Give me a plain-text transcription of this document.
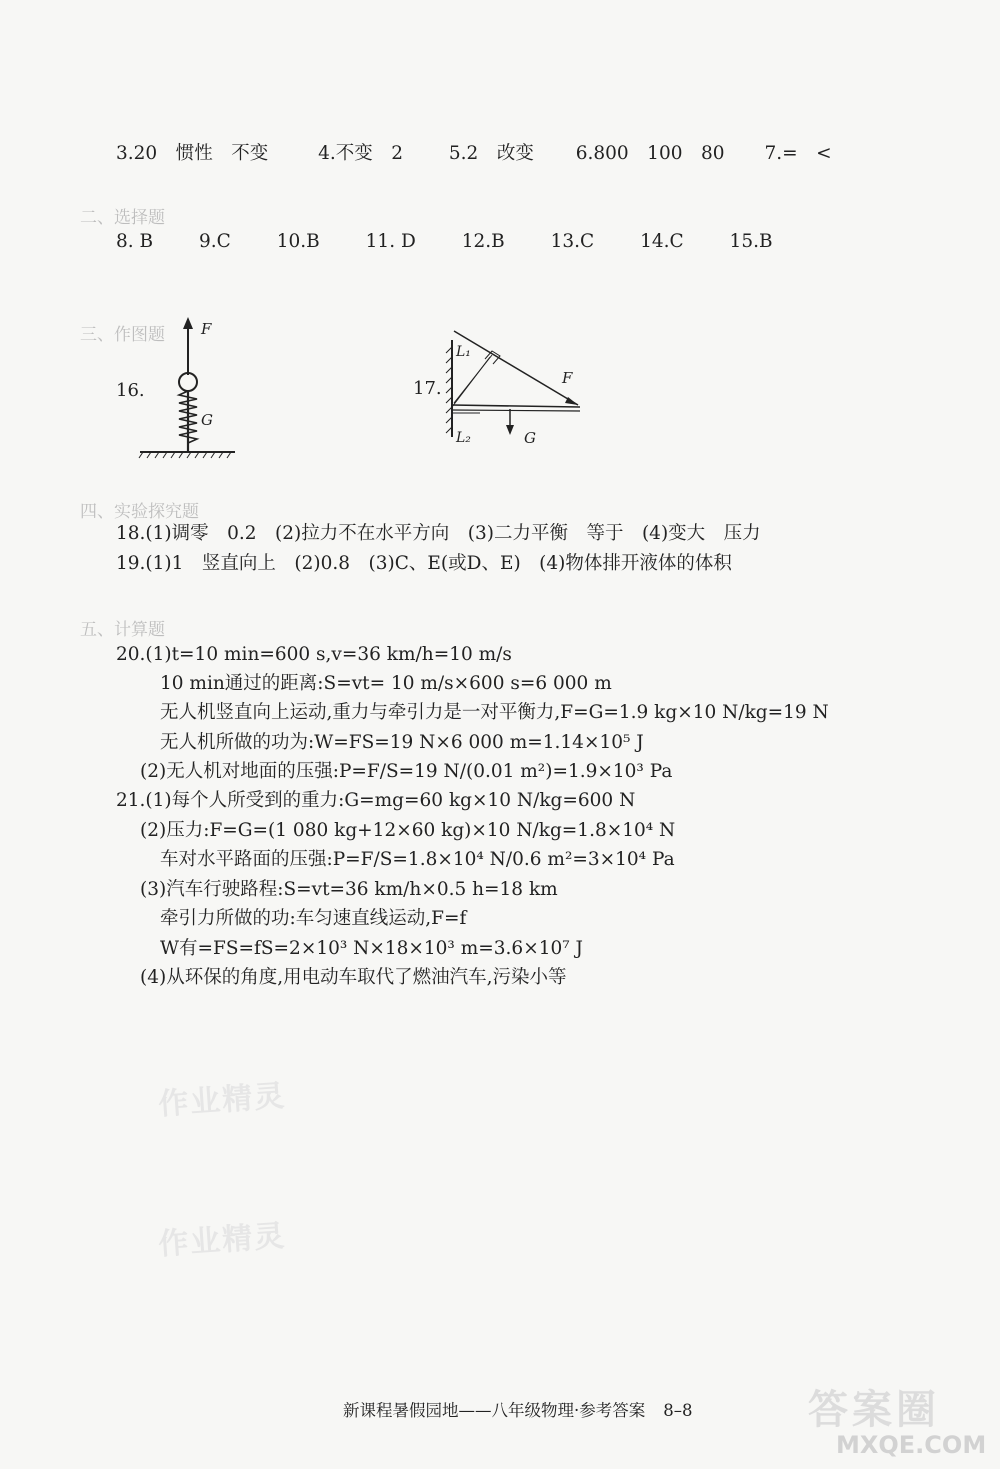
3.20　惯性　不变	4.不变　2 5.2　改变 6.800　100　80 7.=　<
二、选择题
8. B 9.C 10.B 11. D 12.B 13.C 14.C 15.B
三、作图题
16.
F
G
17.
L₁
L₂
F
G
四、实验探究题
18.(1)调零　0.2　(2)拉力不在水平方向　(3)二力平衡　等于　(4)变大　压力
19.(1)1　竖直向上　(2)0.8　(3)C、E(或D、E)　(4)物体排开液体的体积
五、计算题
20.(1)t=10 min=600 s,v=36 km/h=10 m/s
10 min通过的距离:S=vt= 10 m/s×600 s=6 000 m
无人机竖直向上运动,重力与牵引力是一对平衡力,F=G=1.9 kg×10 N/kg=19 N
无人机所做的功为:W=FS=19 N×6 000 m=1.14×10⁵ J
(2)无人机对地面的压强:P=F/S=19 N/(0.01 m²)=1.9×10³ Pa
21.(1)每个人所受到的重力:G=mg=60 kg×10 N/kg=600 N
(2)压力:F=G=(1 080 kg+12×60 kg)×10 N/kg=1.8×10⁴ N
车对水平路面的压强:P=F/S=1.8×10⁴ N/0.6 m²=3×10⁴ Pa
(3)汽车行驶路程:S=vt=36 km/h×0.5 h=18 km
牵引力所做的功:车匀速直线运动,F=f
W有=FS=fS=2×10³ N×18×10³ m=3.6×10⁷ J
(4)从环保的角度,用电动车取代了燃油汽车,污染小等
作业精灵
作业精灵
新课程暑假园地——八年级物理·参考答案 8–8	答案圈
MXQE.COM
